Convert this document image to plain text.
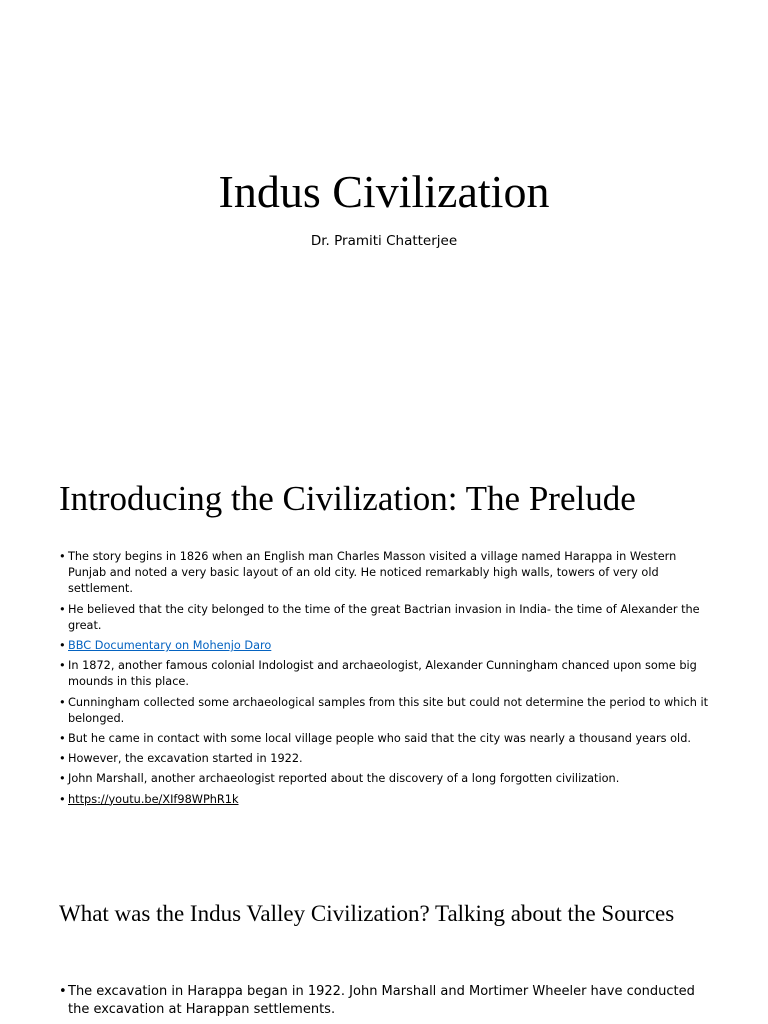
Indus Civilization
Dr. Pramiti Chatterjee
Introducing the Civilization: The Prelude
• The story begins in 1826 when an English man Charles Masson visited a village named Harappa in Western Punjab and noted a very basic layout of an old city. He noticed remarkably high walls, towers of very old settlement.
• He believed that the city belonged to the time of the great Bactrian invasion in India- the time of Alexander the great.
• BBC Documentary on Mohenjo Daro
• In 1872, another famous colonial Indologist and archaeologist, Alexander Cunningham chanced upon some big mounds in this place.
• Cunningham collected some archaeological samples from this site but could not determine the period to which it belonged.
• But he came in contact with some local village people who said that the city was nearly a thousand years old.
• However, the excavation started in 1922.
• John Marshall, another archaeologist reported about the discovery of a long forgotten civilization.
• https://youtu.be/XIf98WPhR1k
What was the Indus Valley Civilization? Talking about the Sources
• The excavation in Harappa began in 1922. John Marshall and Mortimer Wheeler have conducted the excavation at Harappan settlements.
